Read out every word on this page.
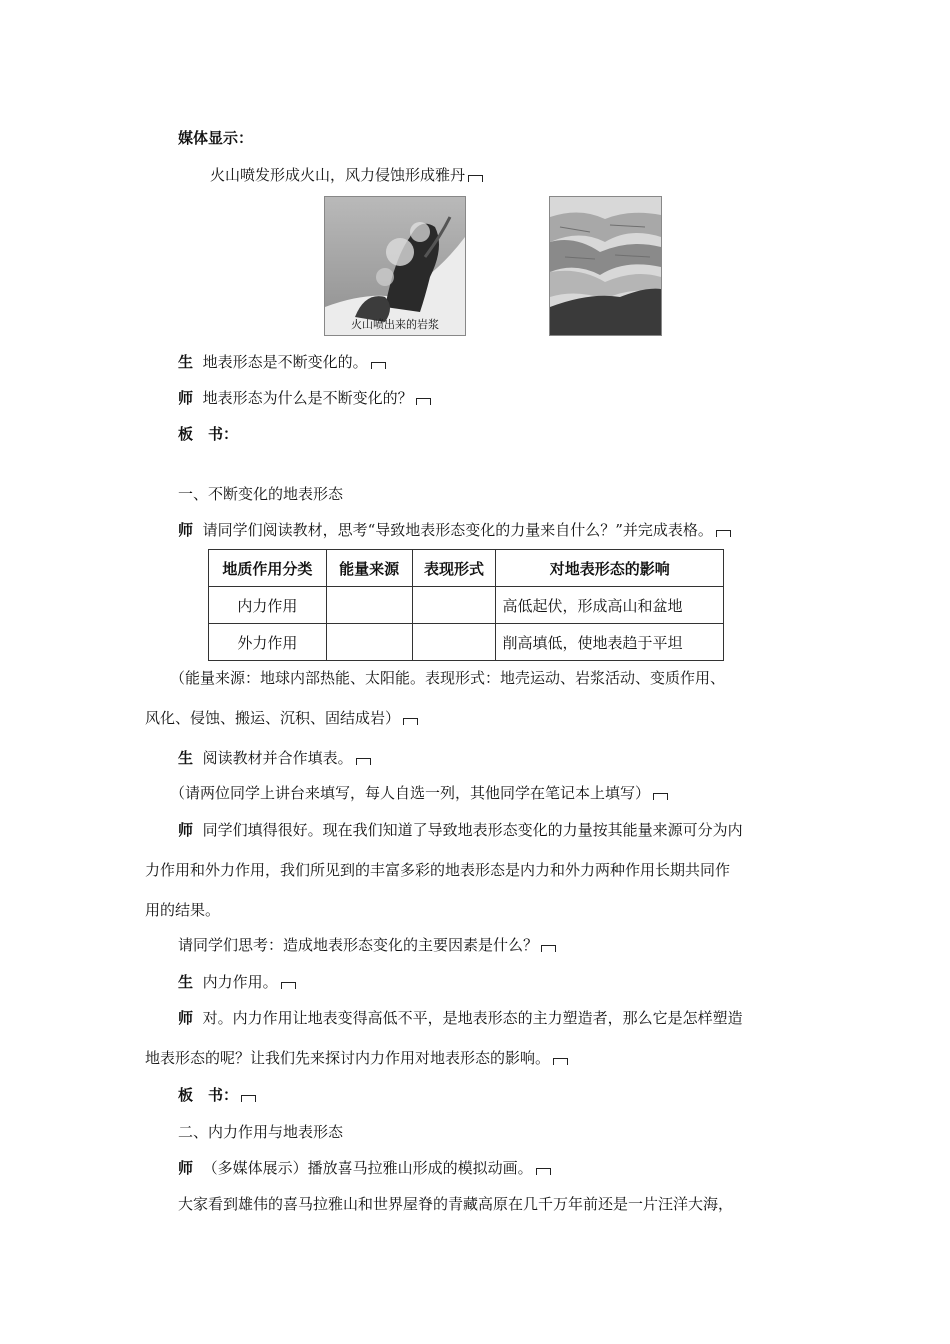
媒体显示：
火山喷发形成火山，风力侵蚀形成雅丹
火山喷出来的岩浆
生 地表形态是不断变化的。
师 地表形态为什么是不断变化的？
板　书：
一、不断变化的地表形态
师 请同学们阅读教材，思考“导致地表形态变化的力量来自什么？”并完成表格。
地质作用分类	能量来源	表现形式	对地表形态的影响
内力作用			高低起伏，形成高山和盆地
外力作用			削高填低，使地表趋于平坦
（能量来源：地球内部热能、太阳能。表现形式：地壳运动、岩浆活动、变质作用、
风化、侵蚀、搬运、沉积、固结成岩）
生 阅读教材并合作填表。
（请两位同学上讲台来填写，每人自选一列，其他同学在笔记本上填写）
师 同学们填得很好。现在我们知道了导致地表形态变化的力量按其能量来源可分为内
力作用和外力作用，我们所见到的丰富多彩的地表形态是内力和外力两种作用长期共同作
用的结果。
请同学们思考：造成地表形态变化的主要因素是什么？
生 内力作用。
师 对。内力作用让地表变得高低不平，是地表形态的主力塑造者，那么它是怎样塑造
地表形态的呢？让我们先来探讨内力作用对地表形态的影响。
板　书：
二、内力作用与地表形态
师 （多媒体展示）播放喜马拉雅山形成的模拟动画。
大家看到雄伟的喜马拉雅山和世界屋脊的青藏高原在几千万年前还是一片汪洋大海，
